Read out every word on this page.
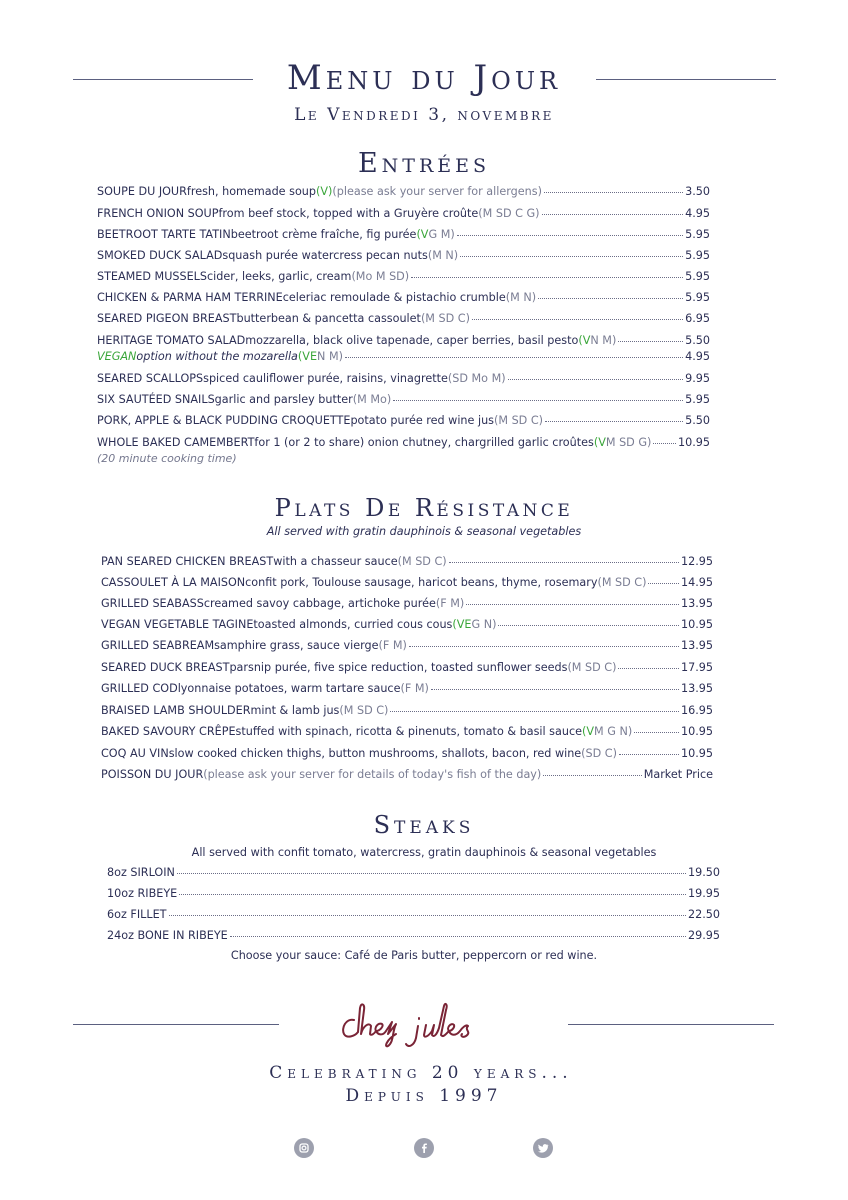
Menu du Jour
Le Vendredi 3, novembre
Entrées
SOUPE DU JOUR fresh, homemade soup (V) (please ask your server for allergens)	3.50
FRENCH ONION SOUP from beef stock, topped with a Gruyère croûte (M SD C G)	4.95
BEETROOT TARTE TATIN beetroot crème fraîche, fig purée (V G M)	5.95
SMOKED DUCK SALAD squash purée watercress pecan nuts (M N)	5.95
STEAMED MUSSELS cider, leeks, garlic, cream (Mo M SD)	5.95
CHICKEN & PARMA HAM TERRINE celeriac remoulade & pistachio crumble (M N)	5.95
SEARED PIGEON BREAST butterbean & pancetta cassoulet (M SD C)	6.95
HERITAGE TOMATO SALAD mozzarella, black olive tapenade, caper berries, basil pesto (V N M)	5.50
VEGAN option without the mozarella (VE N M)	4.95
SEARED SCALLOPS spiced cauliflower purée, raisins, vinagrette (SD Mo M)	9.95
SIX SAUTÉED SNAILS garlic and parsley butter (M Mo)	5.95
PORK, APPLE & BLACK PUDDING CROQUETTE potato purée red wine jus (M SD C)	5.50
WHOLE BAKED CAMEMBERT for 1 (or 2 to share) onion chutney, chargrilled garlic croûtes (V M SD G) 10.95
(20 minute cooking time)
Plats De Résistance
All served with gratin dauphinois & seasonal vegetables
PAN SEARED CHICKEN BREAST with a chasseur sauce (M SD C)	12.95
CASSOULET À LA MAISON confit pork, Toulouse sausage, haricot beans, thyme, rosemary (M SD C)	14.95
GRILLED SEABASS creamed savoy cabbage, artichoke purée (F M)	13.95
VEGAN VEGETABLE TAGINE toasted almonds, curried cous cous (VE G N)	10.95
GRILLED SEABREAM samphire grass, sauce vierge (F M)	13.95
SEARED DUCK BREAST parsnip purée, five spice reduction, toasted sunflower seeds (M SD C)	17.95
GRILLED COD lyonnaise potatoes, warm tartare sauce (F M)	13.95
BRAISED LAMB SHOULDER mint & lamb jus (M SD C)	16.95
BAKED SAVOURY CRÊPE stuffed with spinach, ricotta & pinenuts, tomato & basil sauce (V M G N)	10.95
COQ AU VIN slow cooked chicken thighs, button mushrooms, shallots, bacon, red wine (SD C)	10.95
POISSON DU JOUR (please ask your server for details of today's fish of the day)	Market Price
Steaks
All served with confit tomato, watercress, gratin dauphinois & seasonal vegetables
8oz SIRLOIN	19.50
10oz RIBEYE	19.95
6oz FILLET	22.50
24oz BONE IN RIBEYE	29.95
Choose your sauce: Café de Paris butter, peppercorn or red wine.
Celebrating 20 years...
Depuis 1997
